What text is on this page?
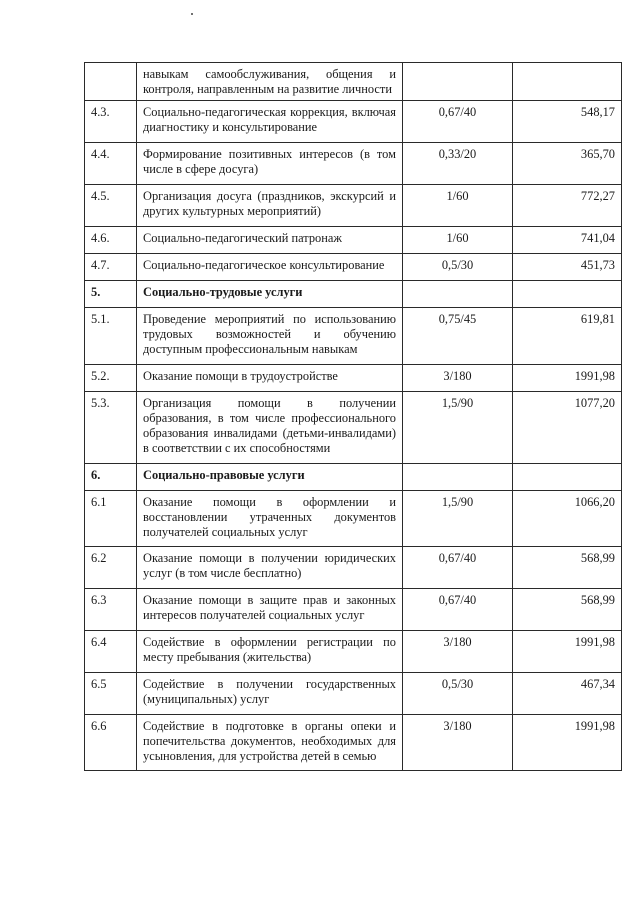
	навыкам самообслуживания, общения и контроля, направленным на развитие личности		
4.3.	Социально-педагогическая коррекция, включая диагностику и консультирование	0,67/40	548,17
4.4.	Формирование позитивных интересов (в том числе в сфере досуга)	0,33/20	365,70
4.5.	Организация досуга (праздников, экскурсий и других культурных мероприятий)	1/60	772,27
4.6.	Социально-педагогический патронаж	1/60	741,04
4.7.	Социально-педагогическое консультирование	0,5/30	451,73
5.	Социально-трудовые услуги		
5.1.	Проведение мероприятий по использованию трудовых возможностей и обучению доступным профессиональным навыкам	0,75/45	619,81
5.2.	Оказание помощи в трудоустройстве	3/180	1991,98
5.3.	Организация помощи в получении образования, в том числе профессионального образования инвалидами (детьми-инвалидами) в соответствии с их способностями	1,5/90	1077,20
6.	Социально-правовые услуги		
6.1	Оказание помощи в оформлении и восстановлении утраченных документов получателей социальных услуг	1,5/90	1066,20
6.2	Оказание помощи в получении юридических услуг (в том числе бесплатно)	0,67/40	568,99
6.3	Оказание помощи в защите прав и законных интересов получателей социальных услуг	0,67/40	568,99
6.4	Содействие в оформлении регистрации по месту пребывания (жительства)	3/180	1991,98
6.5	Содействие в получении государственных (муниципальных) услуг	0,5/30	467,34
6.6	Содействие в подготовке в органы опеки и попечительства документов, необходимых для усыновления, для устройства детей в семью	3/180	1991,98
